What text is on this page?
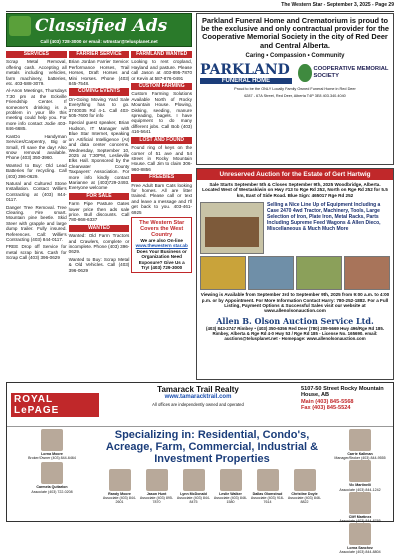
The Western Star - September 3, 2025 - Page 29
Classified Ads
Call (403) 728-3000 or email: wtmstar@telusplanet.net
SERVICES
Scrap Metal Removal, offering cash. Accepting all metals including vehicles, farm machinery, batteries, etc. 403-588-3079.
Al-Anon Meetings, Thursdays 7:30 pm at the Eckville Friendship Center. If someone's drinking is a problem in your life this meeting could help you. For more info contact Jodie 403-846-6685.
KanDo Handyman Services/Carpentry, Big or Small, I'll save the day! Also snow removal available. Phone (403) 350-3960.
Wanted to Buy: Old Lead Batteries for recycling. Call (403) 396-0629.
Natural and Cultured Stone Installation. Contact Willie's Contracting at (403) 844-0117.
Danger Tree Removal. Tree Clearing. Fire smart. Mountain pine beetle. Skid Steer with grapple and large dump trailer. Fully insured. References. Call: Willie's Contracting (403) 844-0117.
FREE Drop off Service for metal scrap bins. Cash for Scrap Call (403) 396-0629
FARRIER SERVICE
Brian Jordan Farrier Service: Performance Horses, Trail Horses, Draft Horses and Mini Horses. Phone (403) 845-7548.
COMING EVENTS
On-Going Moving Yard Sale Everything has to go. 3740035 Rd 4-1. Call 403-505-7600 for info
Special guest speaker, Brian Hudson, IT Manager with Blue Star Internet, speaking on Artificial Intelligence (AI) and data center concerns. Wednesday, September 10, 2025 at 7:30PM, Leslieville Elks Hall. Sponsored by the Clearwater County Taxpayers' Association. For more info kindly contact Marianne at (403)729-2493. Everyone welcome
FOR SALE
Farm Pipe Pasture Gates lower price then ads sale price. Bull discounts. Call 780-868-6337
WANTED
Wanted: Old Farm Tractors and Crawlers, complete or incomplete. Phone (403) 396-0629.
Wanted to Buy: Scrap Metal & Old Vehicles. Call (403) 396-0629
FARMLAND WANTED
Looking to rent cropland, Hayland and pasture. Please call Jason at 403-895-7870 or Kevin at 587-876-0491
CUSTOM FARMING
Custom Farming Solutions Available North of Rocky Mountain House. Plowing, Disking, seeding, manure spreading, bagels. I have equipment to do many different jobs. Call Bob (403) 416-5641
LOST AND FOUND
Found ring of keys on the corner of 51 ave and 54 street in Rocky Mountain House. Call Jim to claim 306-960-8856
FREEBIES
Free Adult Barn Cats looking for homes. All are litter trained. Please call or text and leave a message and I'll get back to you. 403-461-6925
The Western Star Covers the West Country
We are also On-line
www.thewestern star.ab
Does Your Business or Organization Need Exposure? Give Us a Try! (403) 729-3000
Parkland Funeral Home and Crematorium is proud to be the exclusive and only contractual provider for the Cooperative Memorial Society in the city of Red Deer and Central Alberta.
Caring • Compassion • Community
PARKLAND
FUNERAL HOME
COOPERATIVE MEMORIAL SOCIETY
Proud to be the ONLY Locally Family Owned Funeral Home in Red Deer
6287 - 67A Street, Red Deer, Alberta T4P 3E8 403.340.4040
Unreserved Auction for the Estate of Gert Hartwig
Sale Starts September 5th & Closes September 9th, 2025 Woodbridge, Alberta. Located West of Westaskiwin on Hwy #13 to Rge Rd 252, North on Rge Rd 252 for 5.5 km, East of Side Road. Blue Sign: 465017 Rge Rd 252
Selling a Nice Line Up of Equipment Including a Case 2470 4wd Tractor, Machinery, Tools, Large Selection of Iron, Plate Iron, Metal Racks, Parts Including Supreme Feed Wagons & Allen Dieco, Miscellaneous & Much Much More
Viewing is Available from September 3rd to September 9th, 2025 from 9:00 a.m. to 4:00 p.m. or by Appointment. For More Information Contact Harry: 780-252-1882. For a Full Listing, Payment Options & Successful Sales visit our website at www.allenolsonauction.com
Allen B. Olson Auction Service Ltd.
(403) 843-2747 Rimbey • (403) 350-6356 Red Deer (780) 209-5669 Hwy 496/Rge Rd 185. Rimbey, Alberta & Rge Rd 4-0 Hwy 53 / Rge Rd 185 - License No. 165690. email: auctions@telusplanet.net - Homepage: www.allenolsonauction.com
ROYAL LePAGE
Tamarack Trail Realty
www.tamaracktrail.com
All offices are independently owned and operated
5107-50 Street Rocky Mountain House, AB
Main (403) 845-5568
Fax (403) 845-5524
Lorna Moore
Broker/Owner (403) 844-6464
Carmela Quitarlon
Associate (403) 722-0208
Specializing in: Residential, Condo's, Acreage, Farm, Commercial, Industrial & Investment Properties
Randy Moore
Associate (403) 844-2601
Jason Hunt
Associate (403) 895-7870
Lynn McDonald
Associate (403) 844-8475
Leslie Walker
Associate (403) 846-1580
Dallas Glomstrud
Associate (403) 916-7614
Christine Doyle
Associate (403) 846-8822
Carrie Kallman
Manager/Broker (403) 844-9555
Vic Martinelli
Associate (403) 844-1242
Cliff Martinez
Associate (403) 844-8765
Lorna Sanchez
Associate (403) 844-8804
